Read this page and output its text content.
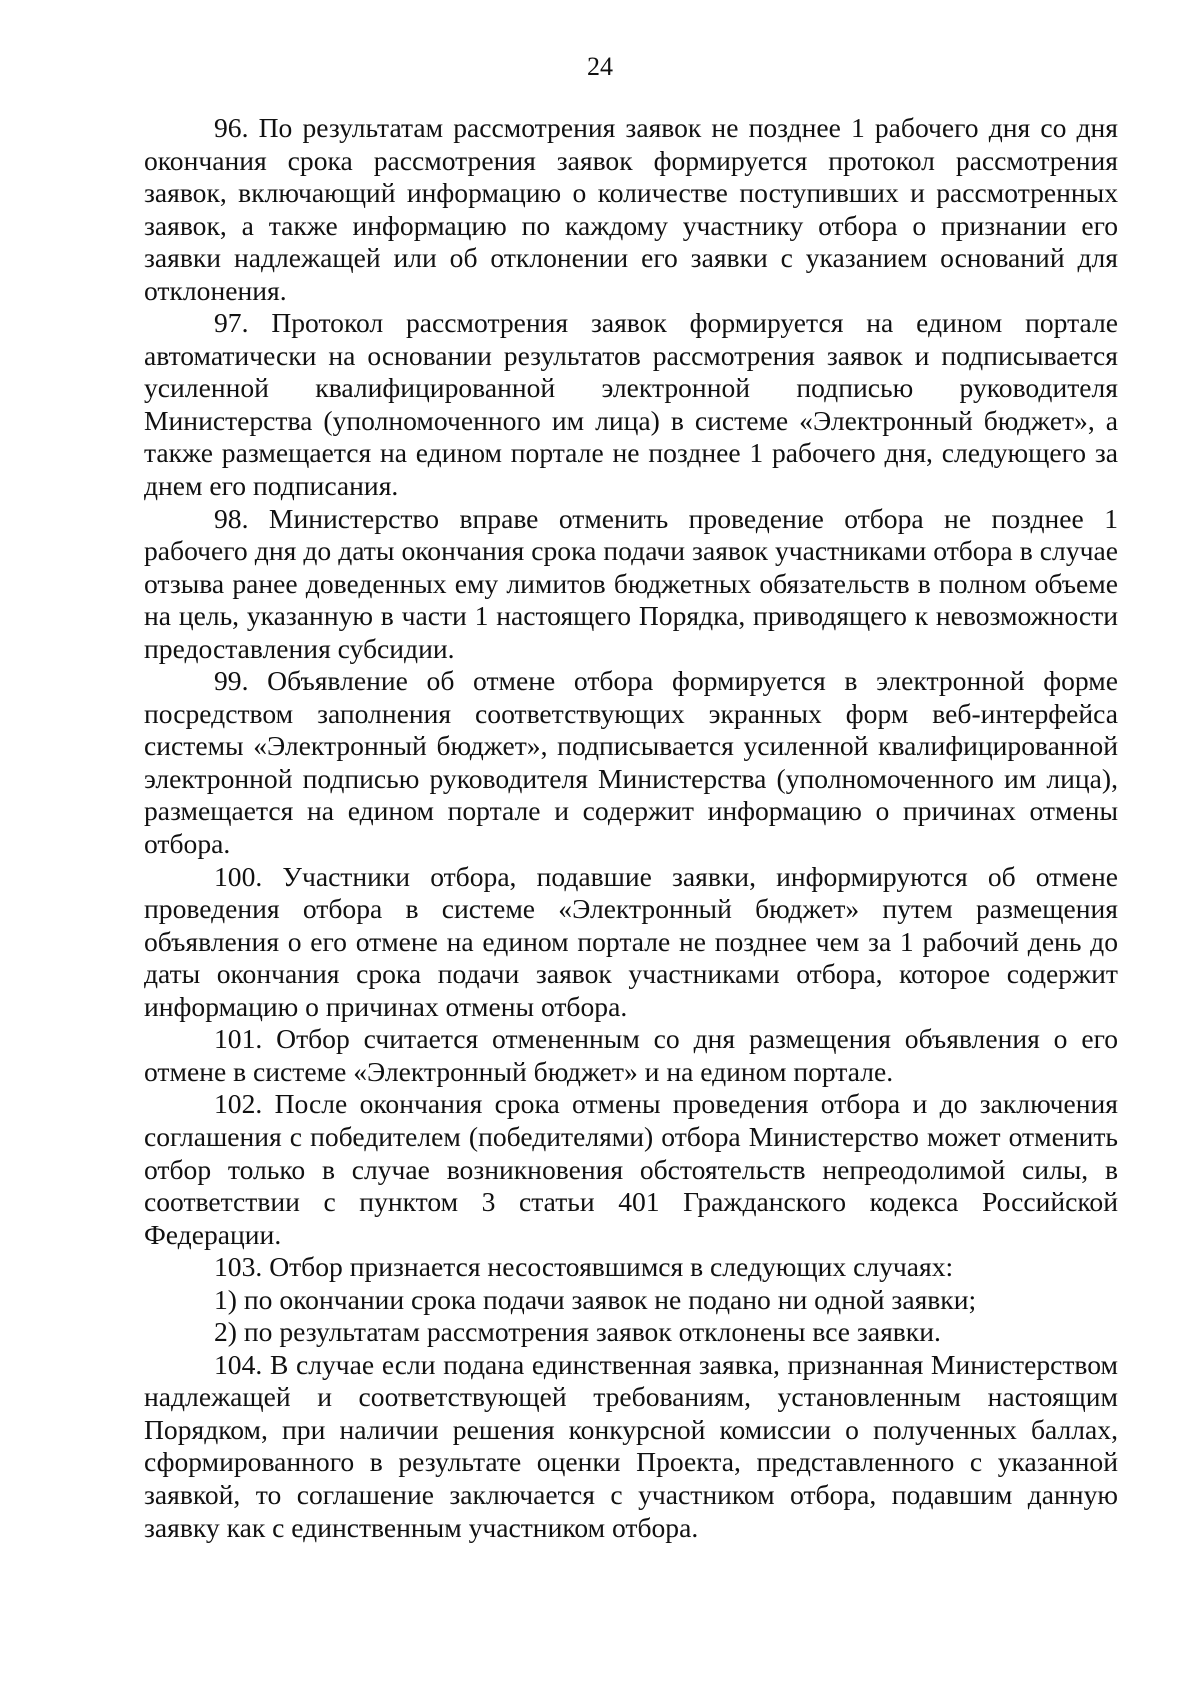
24

96. По результатам рассмотрения заявок не позднее 1 рабочего дня со дня окончания срока рассмотрения заявок формируется протокол рассмотрения заявок, включающий информацию о количестве поступивших и рассмотренных заявок, а также информацию по каждому участнику отбора о признании его заявки надлежащей или об отклонении его заявки с указанием оснований для отклонения.

97. Протокол рассмотрения заявок формируется на едином портале автоматически на основании результатов рассмотрения заявок и подписывается усиленной квалифицированной электронной подписью руководителя Министерства (уполномоченного им лица) в системе «Электронный бюджет», а также размещается на едином портале не позднее 1 рабочего дня, следующего за днем его подписания.

98. Министерство вправе отменить проведение отбора не позднее 1 рабочего дня до даты окончания срока подачи заявок участниками отбора в случае отзыва ранее доведенных ему лимитов бюджетных обязательств в полном объеме на цель, указанную в части 1 настоящего Порядка, приводящего к невозможности предоставления субсидии.

99. Объявление об отмене отбора формируется в электронной форме посредством заполнения соответствующих экранных форм веб-интерфейса системы «Электронный бюджет», подписывается усиленной квалифицированной электронной подписью руководителя Министерства (уполномоченного им лица), размещается на едином портале и содержит информацию о причинах отмены отбора.

100. Участники отбора, подавшие заявки, информируются об отмене проведения отбора в системе «Электронный бюджет» путем размещения объявления о его отмене на едином портале не позднее чем за 1 рабочий день до даты окончания срока подачи заявок участниками отбора, которое содержит информацию о причинах отмены отбора.

101. Отбор считается отмененным со дня размещения объявления о его отмене в системе «Электронный бюджет» и на едином портале.

102. После окончания срока отмены проведения отбора и до заключения соглашения с победителем (победителями) отбора Министерство может отменить отбор только в случае возникновения обстоятельств непреодолимой силы, в соответствии с пунктом 3 статьи 401 Гражданского кодекса Российской Федерации.

103. Отбор признается несостоявшимся в следующих случаях:

1) по окончании срока подачи заявок не подано ни одной заявки;

2) по результатам рассмотрения заявок отклонены все заявки.

104. В случае если подана единственная заявка, признанная Министерством надлежащей и соответствующей требованиям, установленным настоящим Порядком, при наличии решения конкурсной комиссии о полученных баллах, сформированного в результате оценки Проекта, представленного с указанной заявкой, то соглашение заключается с участником отбора, подавшим данную заявку как с единственным участником отбора.
